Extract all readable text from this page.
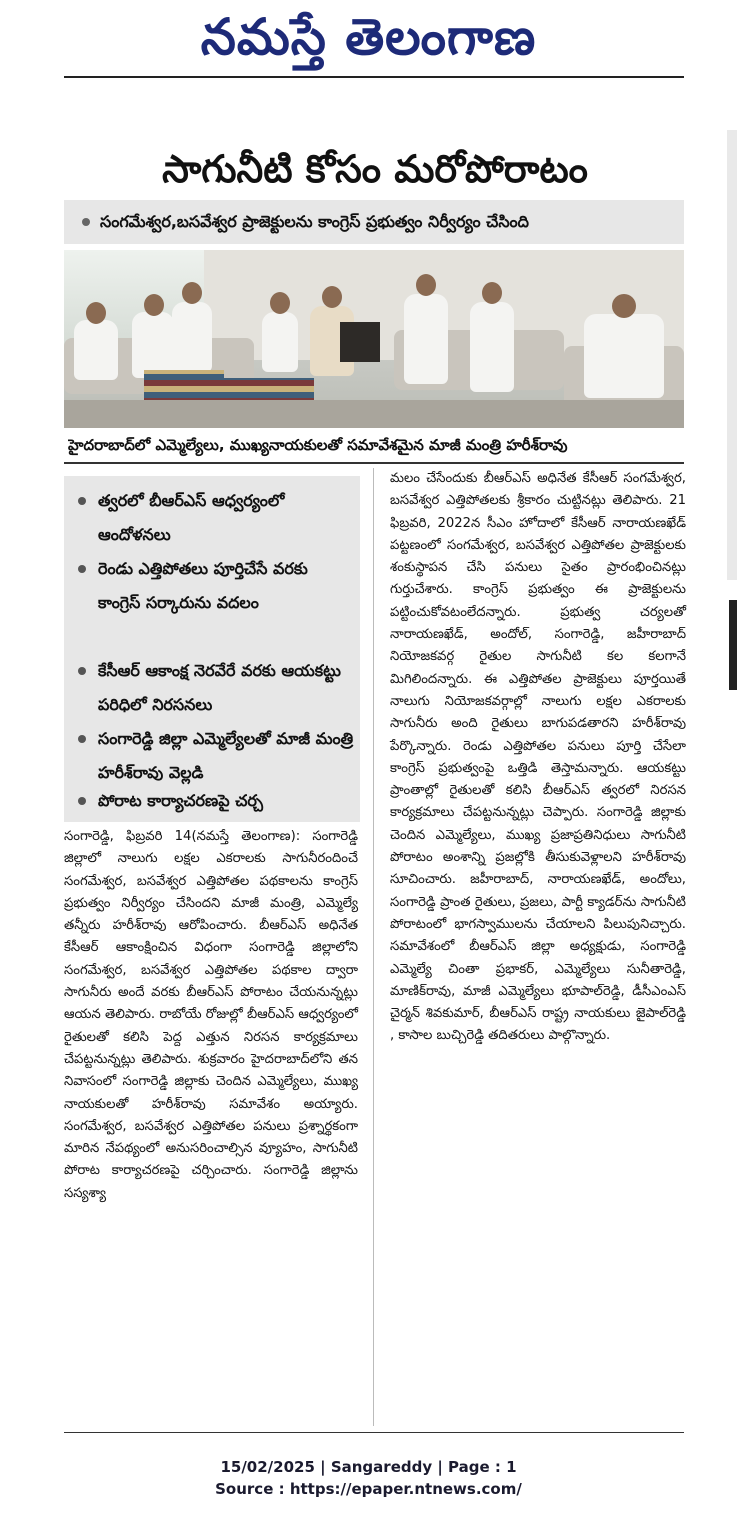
నమస్తే తెలంగాణ
సాగునీటి కోసం మరోపోరాటం
సంగమేశ్వర,బసవేశ్వర ప్రాజెక్టులను కాంగ్రెస్ ప్రభుత్వం నిర్వీర్యం చేసింది
హైదరాబాద్‌లో ఎమ్మెల్యేలు, ముఖ్యనాయకులతో సమావేశమైన మాజీ మంత్రి హరీశ్‌రావు
త్వరలో బీఆర్‌ఎస్ ఆధ్వర్యంలో ఆందోళనలు
రెండు ఎత్తిపోతలు పూర్తిచేసే వరకు కాంగ్రెస్ సర్కారును వదలం
కేసీఆర్ ఆకాంక్ష నెరవేరే వరకు ఆయకట్టు పరిధిలో నిరసనలు
సంగారెడ్డి జిల్లా ఎమ్మెల్యేలతో మాజీ మంత్రి హరీశ్‌రావు వెల్లడి
పోరాట కార్యాచరణపై చర్చ

సంగారెడ్డి, ఫిబ్రవరి 14(నమస్తే తెలంగాణ): సంగారెడ్డి జిల్లాలో నాలుగు లక్షల ఎకరాలకు సాగునీరందించే సంగమేశ్వర, బసవేశ్వర ఎత్తిపోతల పథకాలను కాంగ్రెస్ ప్రభుత్వం నిర్వీర్యం చేసిందని మాజీ మంత్రి, ఎమ్మెల్యే తన్నీరు హరీశ్‌రావు ఆరోపించారు. బీఆర్‌ఎస్ అధినేత కేసీఆర్ ఆకాంక్షించిన విధంగా సంగారెడ్డి జిల్లాలోని సంగమేశ్వర, బసవేశ్వర ఎత్తిపోతల పథకాల ద్వారా సాగునీరు అందే వరకు బీఆర్‌ఎస్ పోరాటం చేయనున్నట్లు ఆయన తెలిపారు. రాబోయే రోజుల్లో బీఆర్‌ఎస్ ఆధ్వర్యంలో రైతులతో కలిసి పెద్ద ఎత్తున నిరసన కార్యక్రమాలు చేపట్టనున్నట్లు తెలిపారు. శుక్రవారం హైదరాబాద్‌లోని తన నివాసంలో సంగారెడ్డి జిల్లాకు చెందిన ఎమ్మెల్యేలు, ముఖ్య నాయకులతో హరీశ్‌రావు సమావేశం అయ్యారు. సంగమేశ్వర, బసవేశ్వర ఎత్తిపోతల పనులు ప్రశ్నార్థకంగా మారిన నేపథ్యంలో అనుసరించాల్సిన వ్యూహం, సాగునీటి పోరాట కార్యాచరణపై చర్చించారు. సంగారెడ్డి జిల్లాను సస్యశ్యా

మలం చేసేందుకు బీఆర్‌ఎస్ అధినేత కేసీఆర్ సంగమేశ్వర, బసవేశ్వర ఎత్తిపోతలకు శ్రీకారం చుట్టినట్లు తెలిపారు. 21 ఫిబ్రవరి, 2022న సీఎం హోదాలో కేసీఆర్ నారాయణఖేడ్ పట్టణంలో సంగమేశ్వర, బసవేశ్వర ఎత్తిపోతల ప్రాజెక్టులకు శంకుస్థాపన చేసి పనులు సైతం ప్రారంభించినట్లు గుర్తుచేశారు. కాంగ్రెస్ ప్రభుత్వం ఈ ప్రాజెక్టులను పట్టించుకోవటంలేదన్నారు. ప్రభుత్వ చర్యలతో నారాయణఖేడ్, అందోల్, సంగారెడ్డి, జహీరాబాద్ నియోజకవర్గ రైతుల సాగునీటి కల కలగానే మిగిలిందన్నారు. ఈ ఎత్తిపోతల ప్రాజెక్టులు పూర్తయితే నాలుగు నియోజకవర్గాల్లో నాలుగు లక్షల ఎకరాలకు సాగునీరు అంది రైతులు బాగుపడతారని హరీశ్‌రావు పేర్కొన్నారు. రెండు ఎత్తిపోతల పనులు పూర్తి చేసేలా కాంగ్రెస్ ప్రభుత్వంపై ఒత్తిడి తెస్తామన్నారు. ఆయకట్టు ప్రాంతాల్లో రైతులతో కలిసి బీఆర్‌ఎస్ త్వరలో నిరసన కార్యక్రమాలు చేపట్టనున్నట్లు చెప్పారు. సంగారెడ్డి జిల్లాకు చెందిన ఎమ్మెల్యేలు, ముఖ్య ప్రజాప్రతినిధులు సాగునీటి పోరాటం అంశాన్ని ప్రజల్లోకి తీసుకువెళ్లాలని హరీశ్‌రావు సూచించారు. జహీరాబాద్, నారాయణఖేడ్, అందోలు, సంగారెడ్డి ప్రాంత రైతులు, ప్రజలు, పార్టీ క్యాడర్‌ను సాగునీటి పోరాటంలో భాగస్వాములను చేయాలని పిలుపునిచ్చారు. సమావేశంలో బీఆర్‌ఎస్ జిల్లా అధ్యక్షుడు, సంగారెడ్డి ఎమ్మెల్యే చింతా ప్రభాకర్, ఎమ్మెల్యేలు సునీతారెడ్డి, మాణిక్‌రావు, మాజీ ఎమ్మెల్యేలు భూపాల్‌రెడ్డి, డీసీఎంఎస్ చైర్మన్ శివకుమార్, బీఆర్‌ఎస్ రాష్ట్ర నాయకులు జైపాల్‌రెడ్డి , కాసాల బుచ్చిరెడ్డి తదితరులు పాల్గొన్నారు.

15/02/2025 | Sangareddy | Page : 1
Source : https://epaper.ntnews.com/
